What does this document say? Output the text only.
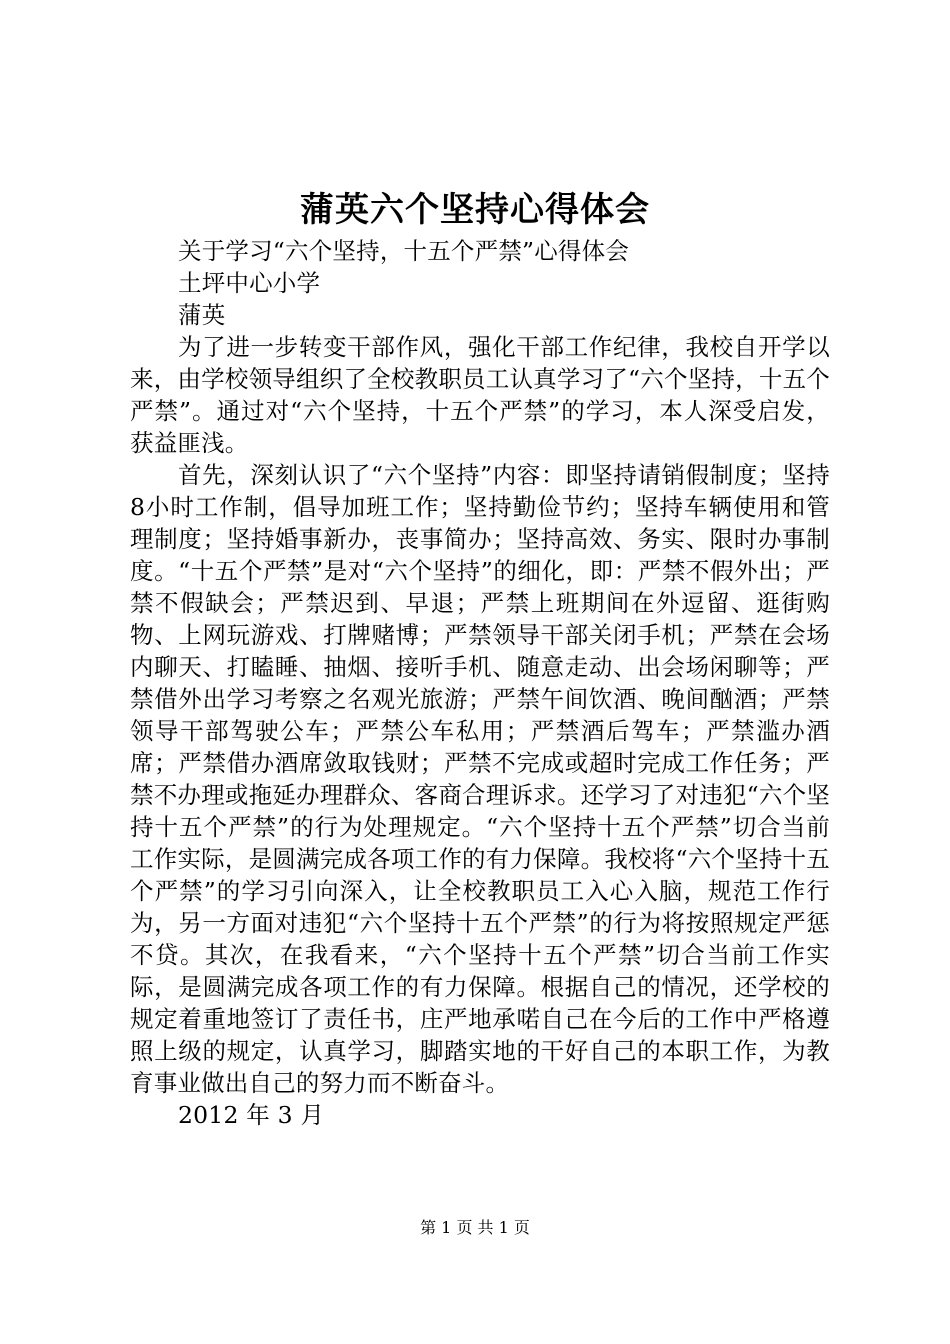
蒲英六个坚持心得体会

关于学习“六个坚持，十五个严禁”心得体会

土坪中心小学

蒲英

为了进一步转变干部作风，强化干部工作纪律，我校自开学以来，由学校领导组织了全校教职员工认真学习了“六个坚持，十五个严禁”。通过对“六个坚持，十五个严禁”的学习，本人深受启发，获益匪浅。

首先，深刻认识了“六个坚持”内容：即坚持请销假制度；坚持8小时工作制，倡导加班工作；坚持勤俭节约；坚持车辆使用和管理制度；坚持婚事新办，丧事简办；坚持高效、务实、限时办事制度。“十五个严禁”是对“六个坚持”的细化，即：严禁不假外出；严禁不假缺会；严禁迟到、早退；严禁上班期间在外逗留、逛街购物、上网玩游戏、打牌赌博；严禁领导干部关闭手机；严禁在会场内聊天、打瞌睡、抽烟、接听手机、随意走动、出会场闲聊等；严禁借外出学习考察之名观光旅游；严禁午间饮酒、晚间酗酒；严禁领导干部驾驶公车；严禁公车私用；严禁酒后驾车；严禁滥办酒席；严禁借办酒席敛取钱财；严禁不完成或超时完成工作任务；严禁不办理或拖延办理群众、客商合理诉求。还学习了对违犯“六个坚持十五个严禁”的行为处理规定。“六个坚持十五个严禁”切合当前工作实际，是圆满完成各项工作的有力保障。我校将“六个坚持十五个严禁”的学习引向深入，让全校教职员工入心入脑，规范工作行为，另一方面对违犯“六个坚持十五个严禁”的行为将按照规定严惩不贷。其次，在我看来，“六个坚持十五个严禁”切合当前工作实际，是圆满完成各项工作的有力保障。根据自己的情况，还学校的规定着重地签订了责任书，庄严地承喏自己在今后的工作中严格遵照上级的规定，认真学习，脚踏实地的干好自己的本职工作，为教育事业做出自己的努力而不断奋斗。

2012 年 3 月

第 1 页 共 1 页
